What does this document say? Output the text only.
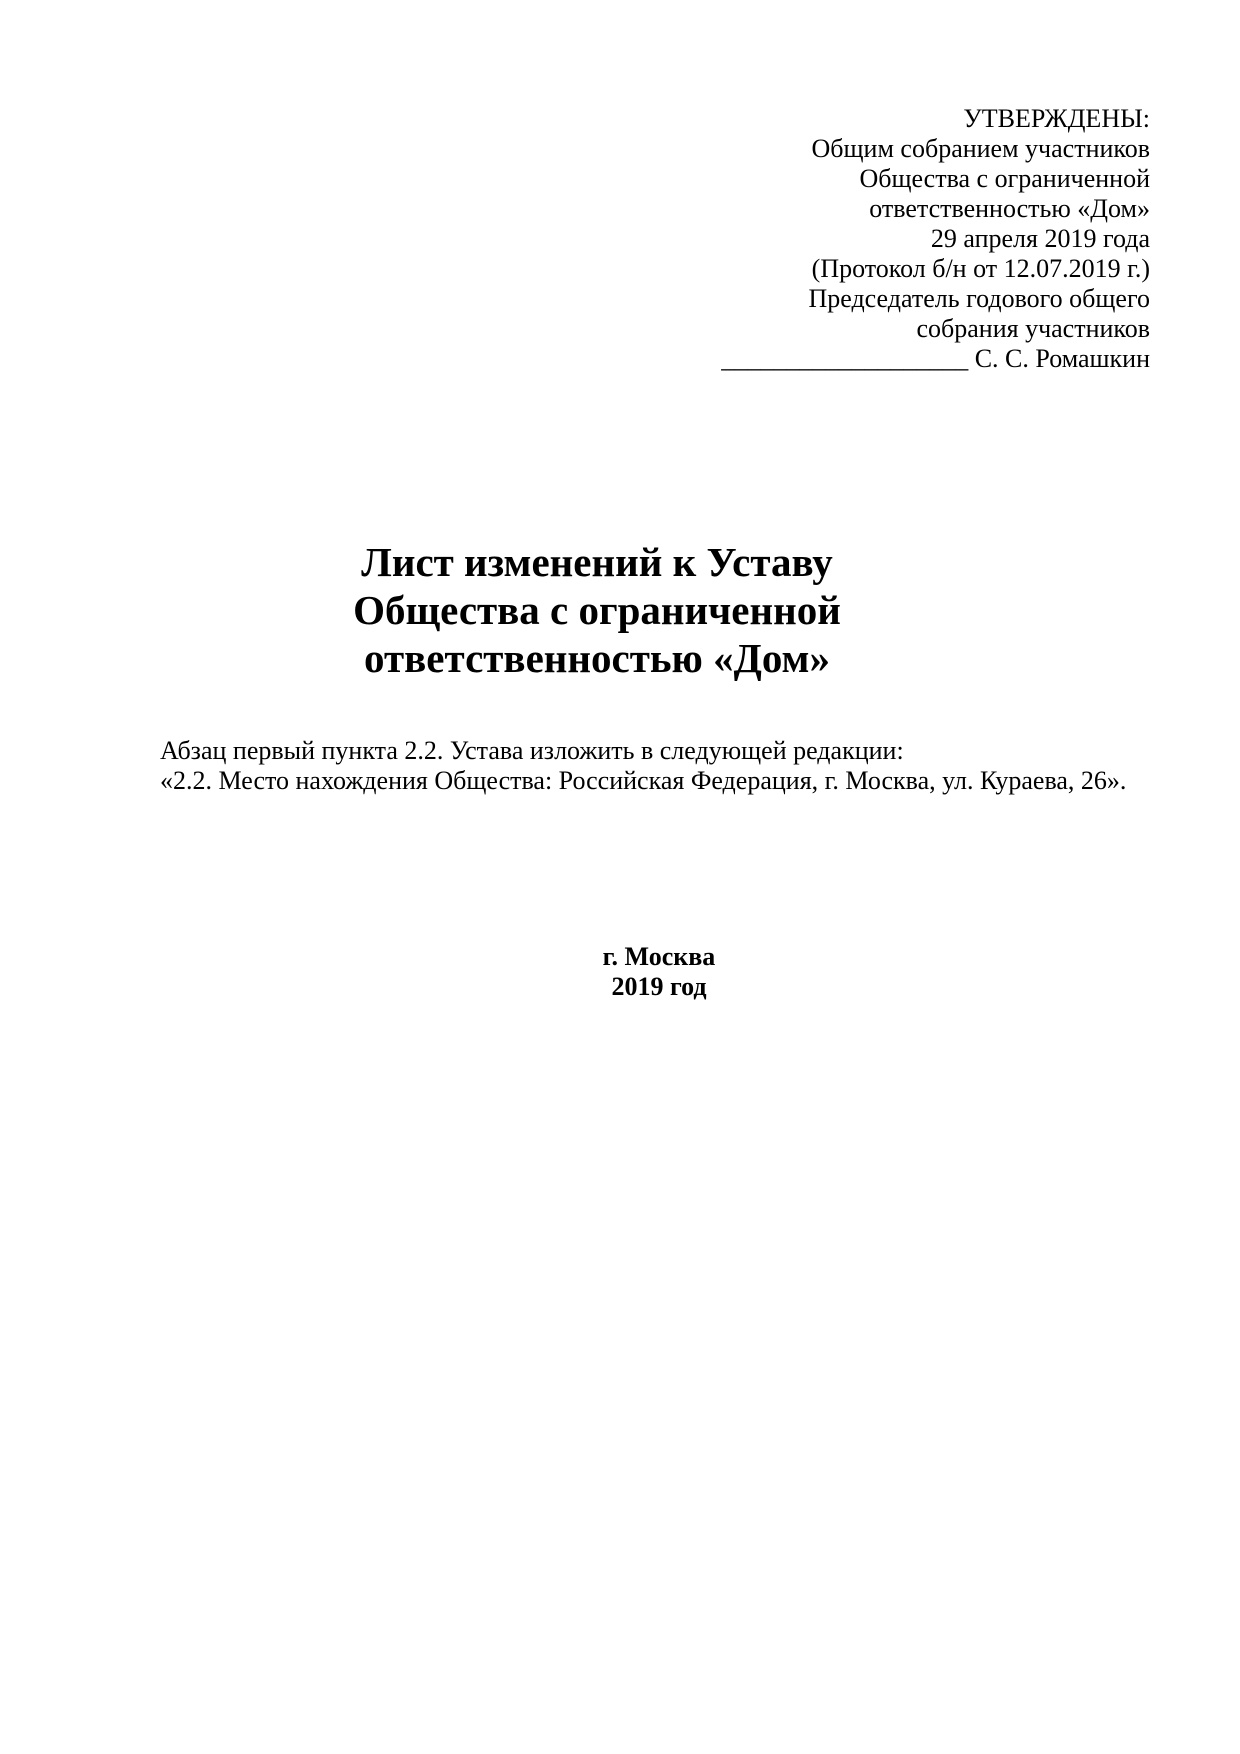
УТВЕРЖДЕНЫ:
Общим собранием участников
Общества с ограниченной
ответственностью «Дом»
29 апреля 2019 года
(Протокол б/н от 12.07.2019 г.)
Председатель годового общего
собрания участников
___________________ С. С. Ромашкин
Лист изменений к Уставу
Общества с ограниченной
ответственностью «Дом»
Абзац первый пункта 2.2. Устава изложить в следующей редакции:
«2.2. Место нахождения Общества: Российская Федерация, г. Москва, ул. Кураева, 26».
г. Москва
2019 год
